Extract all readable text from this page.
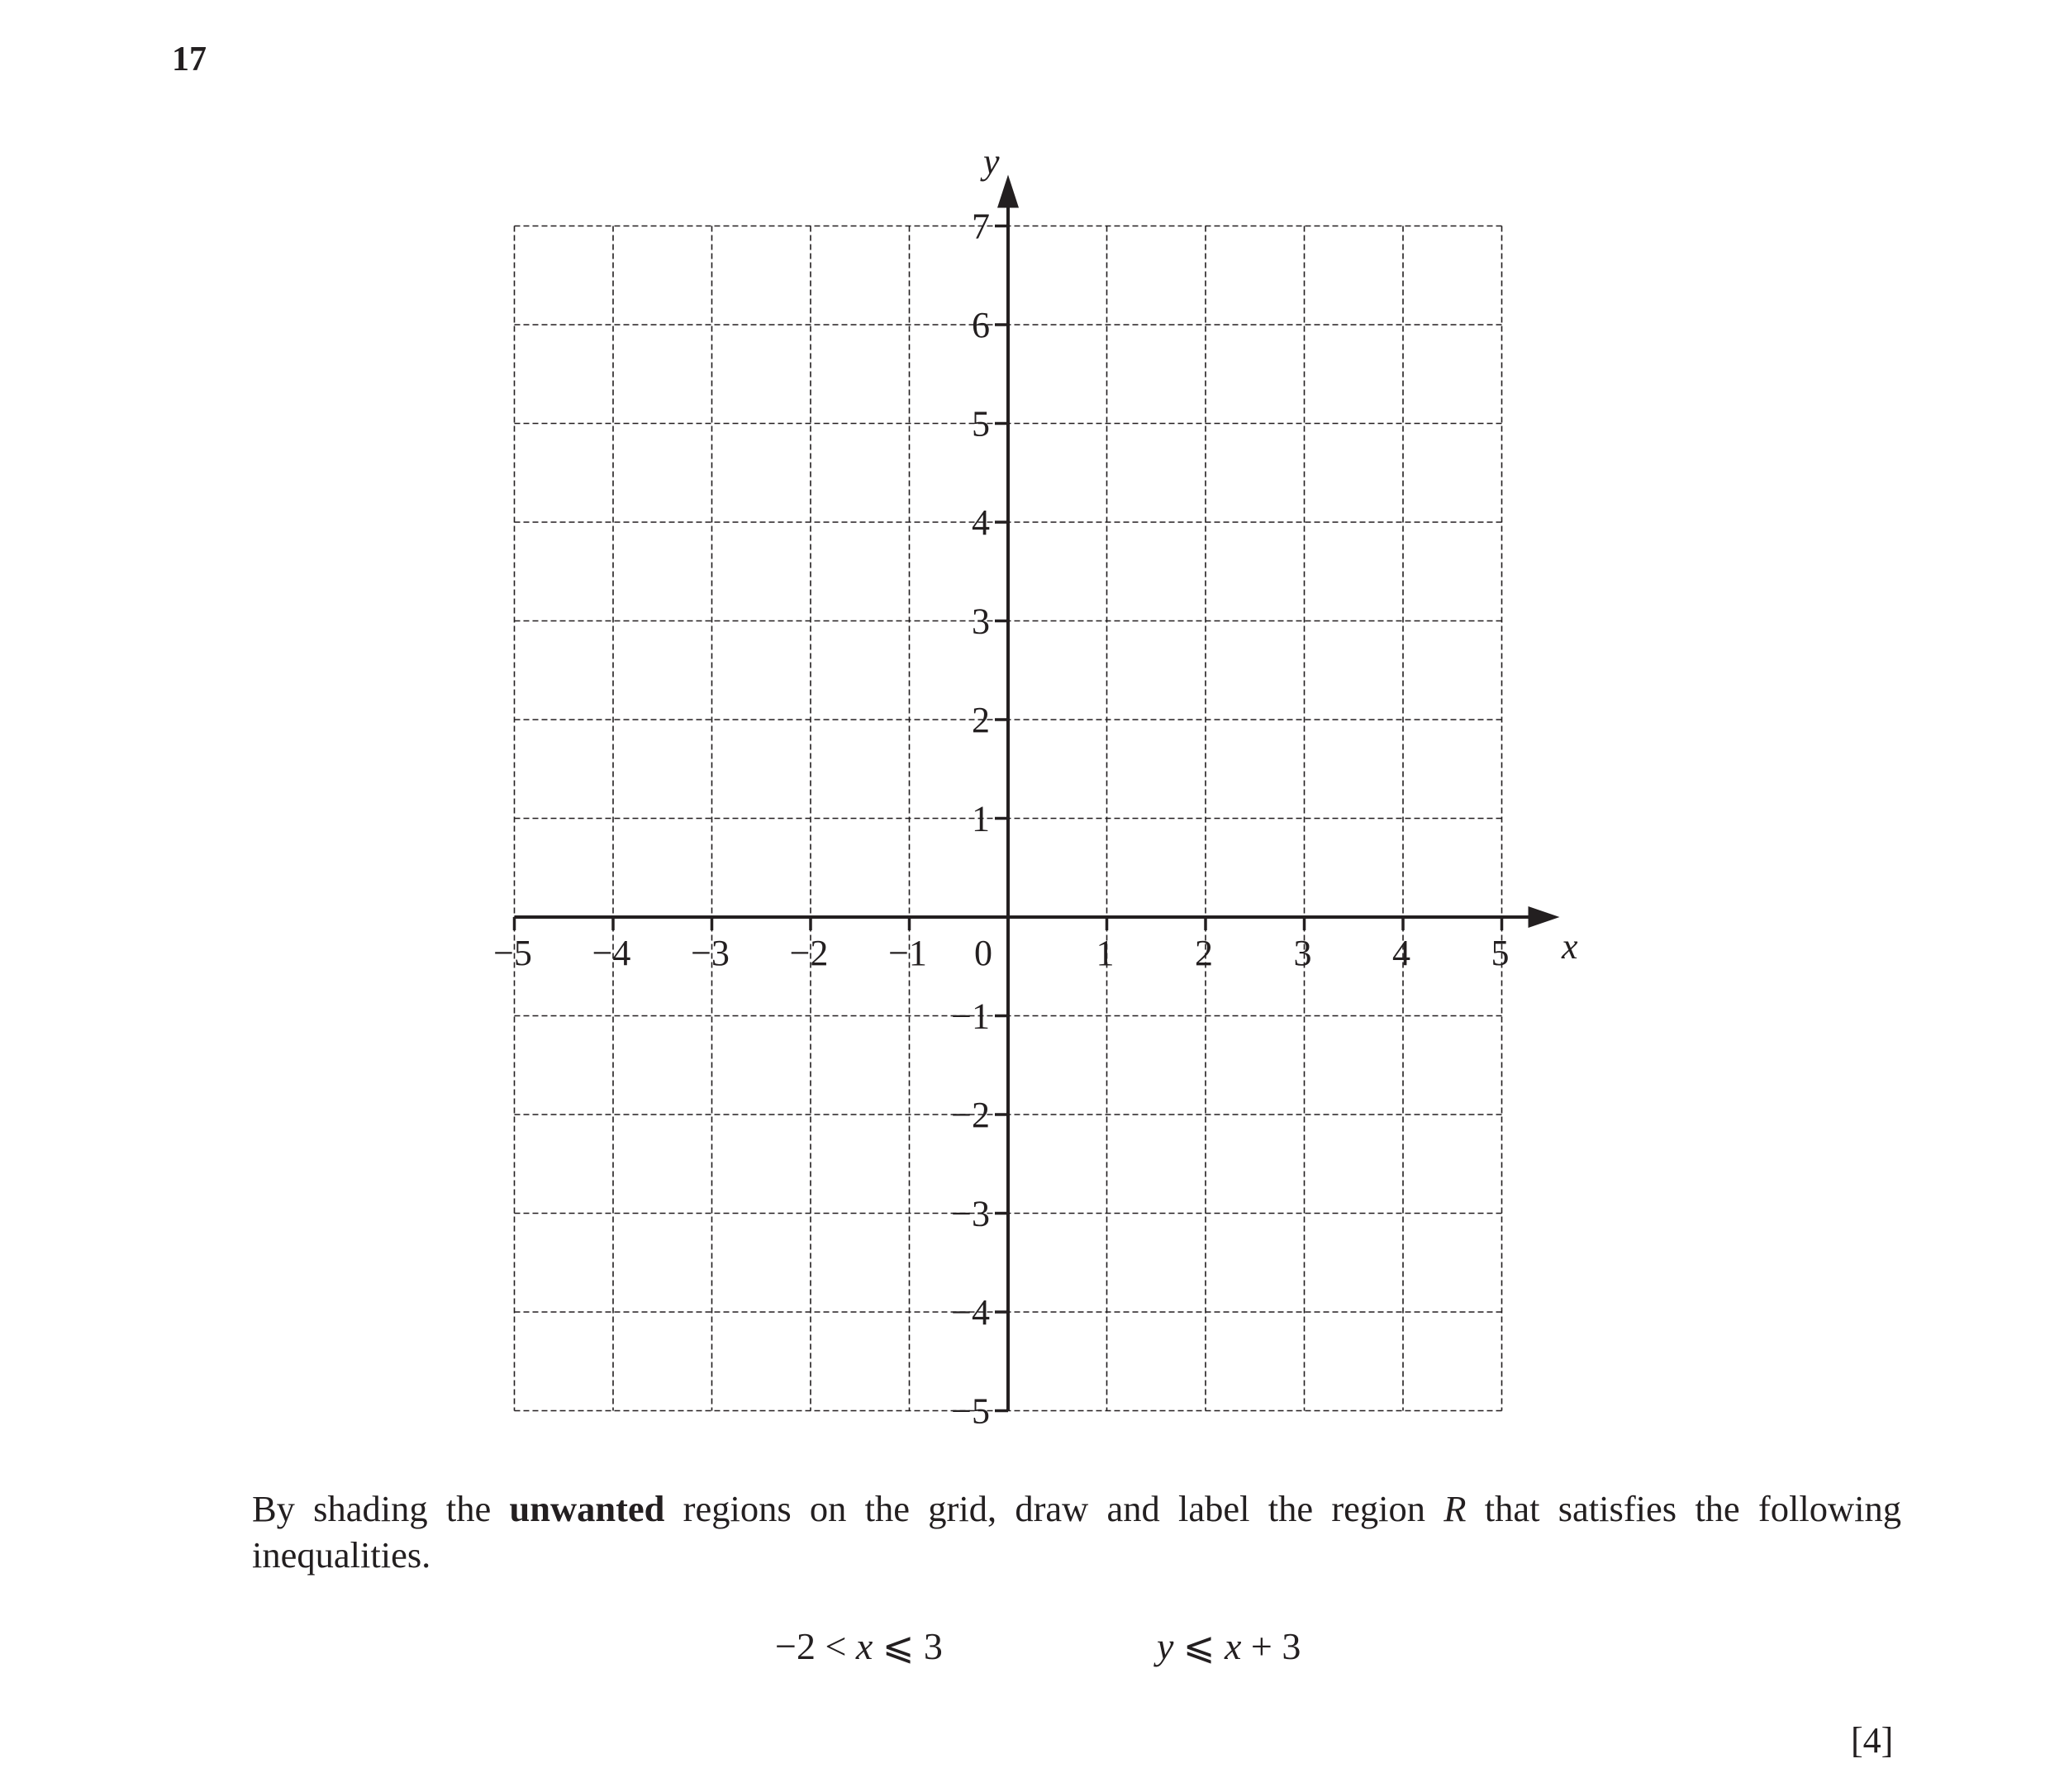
17
−5 −4 −3 −2 −1 0	1 2 3 4 5
7
6
5
4
3
2
1
−1
−2
−3
−4
−5
x
y
By shading the unwanted regions on the grid, draw and label the region R that satisfies the following inequalities.
−2 < x ⩽ 3	y ⩽ x + 3
[4]
